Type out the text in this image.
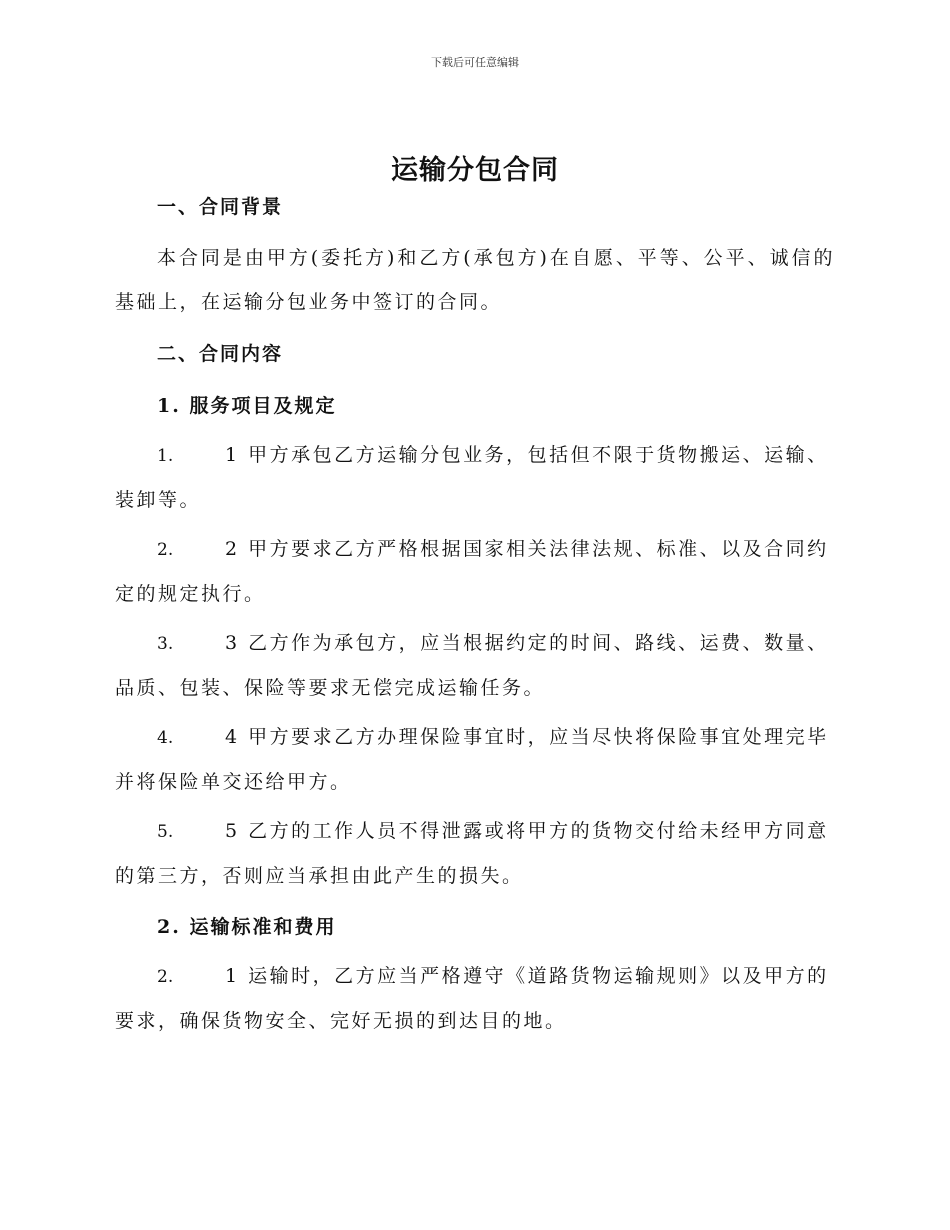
下载后可任意编辑
运输分包合同
一、合同背景
本合同是由甲方(委托方)和乙方(承包方)在自愿、平等、公平、诚信的基础上，在运输分包业务中签订的合同。
二、合同内容
1. 服务项目及规定
1.	1 甲方承包乙方运输分包业务，包括但不限于货物搬运、运输、装卸等。
2.	2 甲方要求乙方严格根据国家相关法律法规、标准、以及合同约定的规定执行。
3.	3 乙方作为承包方，应当根据约定的时间、路线、运费、数量、品质、包装、保险等要求无偿完成运输任务。
4.	4 甲方要求乙方办理保险事宜时，应当尽快将保险事宜处理完毕并将保险单交还给甲方。
5.	5 乙方的工作人员不得泄露或将甲方的货物交付给未经甲方同意的第三方，否则应当承担由此产生的损失。
2. 运输标准和费用
2.	1 运输时，乙方应当严格遵守《道路货物运输规则》以及甲方的要求，确保货物安全、完好无损的到达目的地。
